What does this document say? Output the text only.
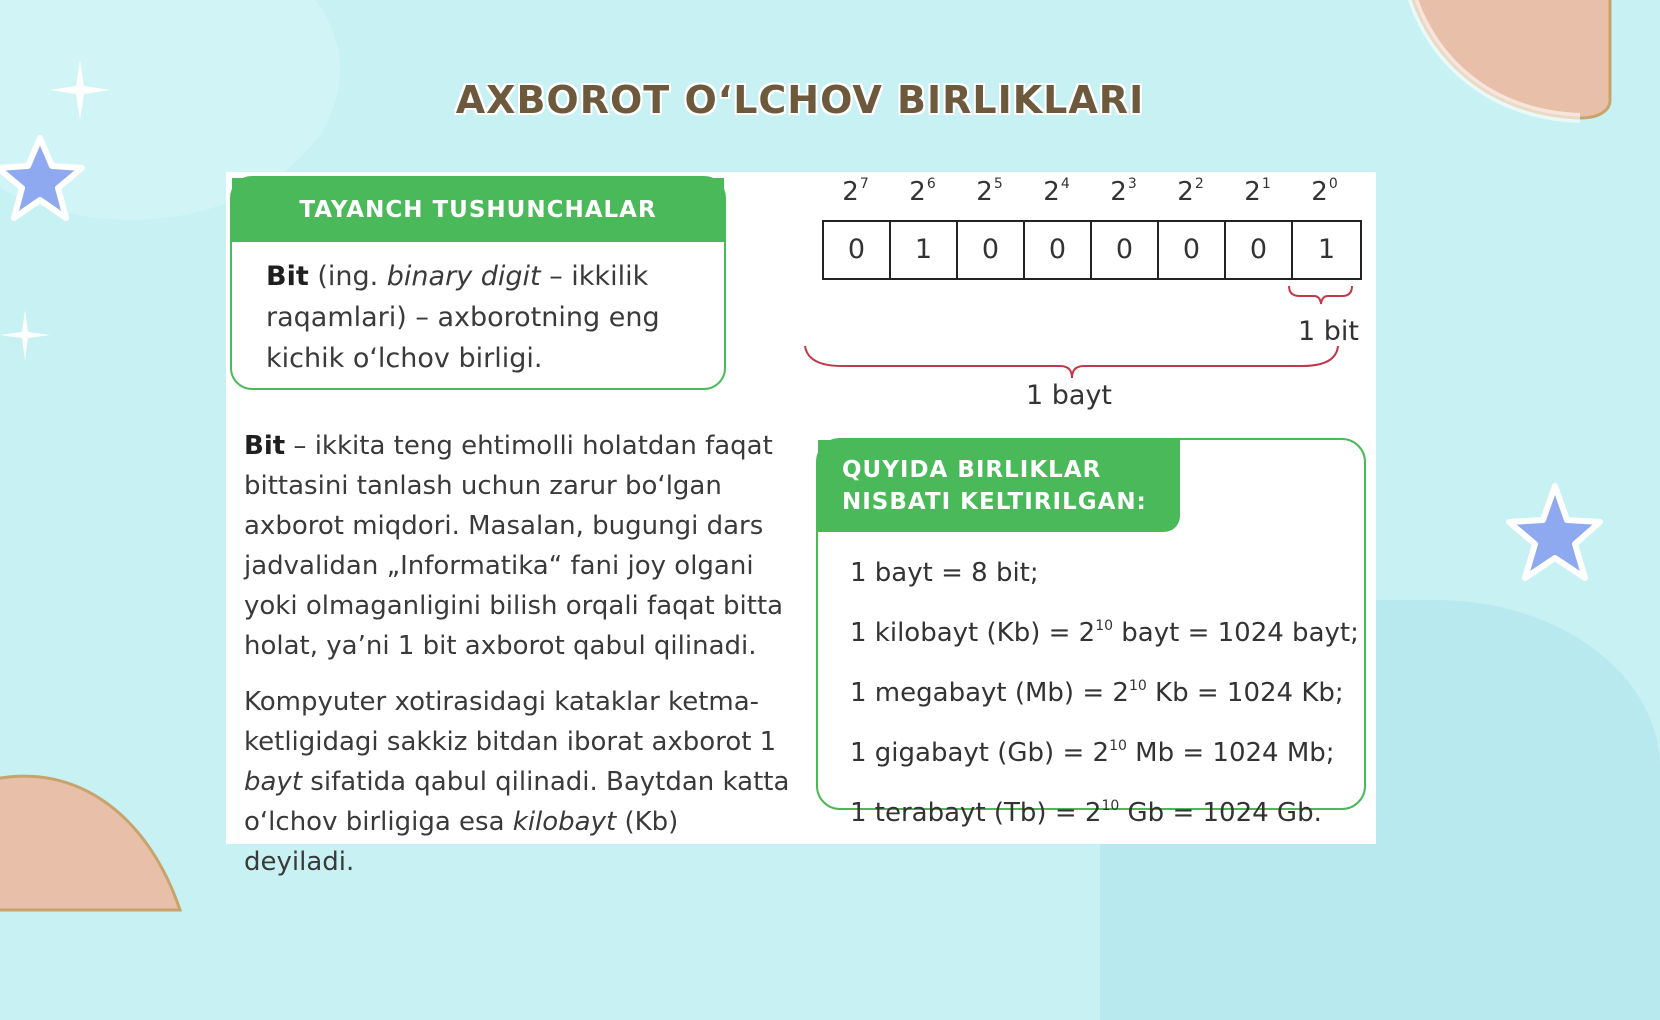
AXBOROT O‘LCHOV BIRLIKLARI
TAYANCH TUSHUNCHALAR
Bit (ing. binary digit – ikkilik raqamlari) – axborotning eng kichik o‘lchov birligi.

Bit – ikkita teng ehtimolli holatdan faqat bittasini tanlash uchun zarur bo‘lgan axborot miqdori. Masalan, bugungi dars jadvalidan „Informatika“ fani joy olgani yoki olmaganligini bilish orqali faqat bitta holat, ya’ni 1 bit axborot qabul qilinadi.

Kompyuter xotirasidagi kataklar ketma-ketligidagi sakkiz bitdan iborat axborot 1 bayt sifatida qabul qilinadi. Baytdan katta o‘lchov birligiga esa kilobayt (Kb) deyiladi.

$2^7$	$2^6$	$2^5$	$2^4$	$2^3$	$2^2$	$2^1$	$2^0$
0	1	0	0	0	0	0	1
1 bit
1 bayt
QUYIDA BIRLIKLAR NISBATI KELTIRILGAN:
1 bayt = 8 bit;
1 kilobayt $(Kb) = 2^{10}$ bayt = 1024 bayt;
1 megabayt $(Mb) = 2^{10}$ Kb = 1024 Kb;
1 gigabayt $(Gb) = 2^{10}$ Mb = 1024 Mb;
1 terabayt $(Tb) = 2^{10}$ Gb = 1024 Gb.
